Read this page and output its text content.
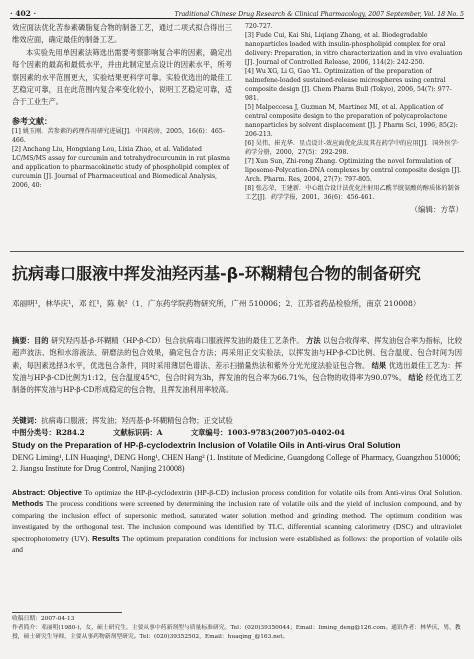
· 402 ·	Traditional Chinese Drug Research & Clinical Pharmacology, 2007 September, Vol. 18 No. 5

效应面法优化苦参素磷脂复合物的制备工艺，通过二项式拟合得出三维效应面，确定最佳的制备工艺。

本实验先用单因素法筛选出需要考察影响复合率的因素，确定出每个因素的最高和最低水平，并由此制定星点设计的因素水平，所考察因素的水平范围更大，实验结果更科学可靠。实验优选出的最佳工艺稳定可靠，且在此范围内复合率变化较小，说明工艺稳定可靠，适合于工业生产。

参考文献：
[1] 姚玉刚．苦参素的药理作用研究进展[J]．中国药房，2005，16(6)：465-466.
[2] Anchang Liu, Hongxiang Lou, Lixia Zhao, et al. Validated LC/MS/MS assay for curcumin and tetrahydrocurcumin in rat plasma and application to pharmacokinetic study of phospholipid complex of curcumin [J]. Journal of Pharmaceutical and Biomedical Analysis, 2006, 40:
720-727.
[3] Fude Cui, Kai Shi, Liqiang Zhang, et al. Biodegradable nanoparticles loaded with insulin-phospholipid complex for oral delivery: Preparation, in vitro characterization and in vivo evaluation [J]. Journal of Controlled Release, 2006, 114(2): 242-250.
[4] Wu XG, Li G, Gao YL. Optimization of the preparation of nalmefene-loaded sustained-release microspheres using central composite design [J]. Chem Pharm Bull (Tokyo), 2006, 54(7): 977-981.
[5] Malpeccesa J, Guzman M, Martinez MI, et al. Application of central composite design to the preparation of polycaprolactone nanoparticles by solvent displacement [J]. J Pharm Sci, 1996, 85(2): 206-213.
[6] 吴伟，崔光华．星点设计-效应面优化法及其在药学中的应用[J]．国外医学·药学分册，2000，27(5)：292-298.
[7] Xun Sun, Zhi-rong Zhang. Optimizing the novel formulation of liposome-Polycation-DNA complexes by central composite design [J]. Arch. Pharm. Res, 2004, 27(7): 797-805.
[8] 张志荣，王建新．中心组合设计法优化注射用乙酰半胱氨酸的醇质体的制备工艺[J]．药学学报，2001，36(6)：456-461.
（编辑：方草）
抗病毒口服液中挥发油羟丙基-β-环糊精包合物的制备研究
邓丽明¹，林华庆¹，邓 红¹，陈 航²（1．广东药学院药物研究所，广州 510006；2．江苏省药品检验所，南京 210008）
摘要：目的 研究羟丙基-β-环糊精（HP-β-CD）包合抗病毒口服液挥发油的最佳工艺条件。 方法 以包合收得率、挥发油包合率为指标，比较超声波法、饱和水溶液法、研磨法的包合效果，确定包合方法；再采用正交实验法，以挥发油与HP-β-CD比例、包合温度、包合时间为因素，每因素选择3水平，优选包合条件，同时采用薄层色谱法、差示扫描量热法和紫外分光光度法验证包合物。 结果 优选出最佳工艺为：挥发油与HP-β-CD比例为1:12，包合温度45℃，包合时间为3h，挥发油的包合率为66.71%，包合物的收得率为90.07%。 结论 经优选工艺制备的挥发油与HP-β-CD形成稳定的包合物，且挥发油利用率较高。
关键词：抗病毒口服液；挥发油；羟丙基-β-环糊精包合物；正交试验
中图分类号：R284.2	文献标识码：A	文章编号：1003-9783(2007)05-0402-04
Study on the Preparation of HP-β-cyclodextrin Inclusion of Volatile Oils in Anti-virus Oral Solution
DENG Liming¹, LIN Huaqing¹, DENG Hong¹, CHEN Hang² (1. Institute of Medicine, Guangdong College of Pharmacy, Guangzhou 510006; 2. Jiangsu Institute for Drug Control, Nanjing 210008)
Abstract: Objective To optimize the HP-β-cyclodextrin (HP-β-CD) inclusion process condition for volatile oils from Anti-virus Oral Solution. Methods The process conditions were screened by determining the inclusion rate of volatile oils and the yield of inclusion compound, and by comparing the inclusion effect of supersonic method, saturated water solution method and grinding method. The optimum condition was investigated by the orthogonal test. The inclusion compound was identified by TLC, differential scanning calorimetry (DSC) and ultraviolet spectrophotometry (UV). Results The optimum preparation conditions for inclusion were established as follows: the proportion of volatile oils and
收稿日期：2007-04-13
作者简介：邓丽明(1980-)，女，硕士研究生，主要从事中药新剂型与质量标准研究。Tel：(020)39350044；Email：liming_deng@126.com。通讯作者：林华庆，男，教授，硕士研究生导师，主要从事药物新剂型研究。Tel：(020)39352502，Email：huaqing_@163.net。
